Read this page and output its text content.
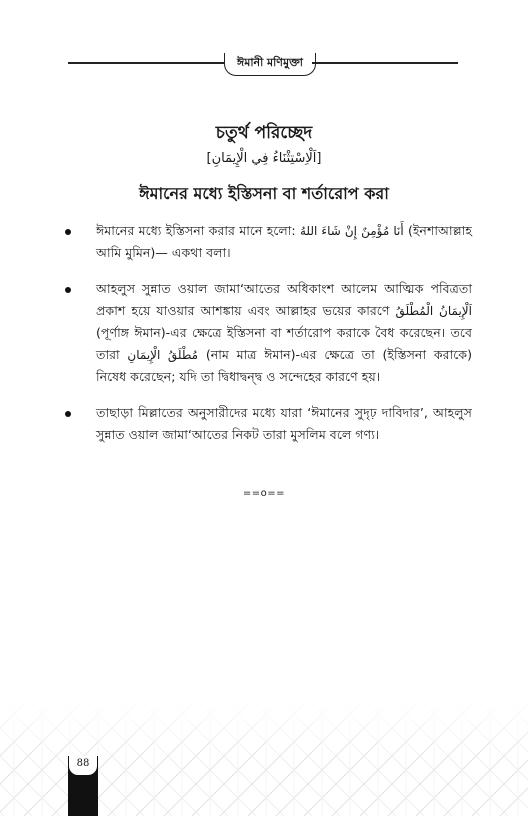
ঈমানী মণিমুক্তা
চতুর্থ পরিচ্ছেদ
[اَلْاِسْتِثْنَاءُ فِي الْإِيمَانِ]
ঈমানের মধ্যে ইস্তিসনা বা শর্তারোপ করা
ঈমানের মধ্যে ইস্তিসনা করার মানে হলো: أَنَا مُؤْمِنٌ إِنْ شَاءَ اللهُ (ইনশাআল্লাহ আমি মুমিন)— একথা বলা।
আহলুস সুন্নাত ওয়াল জামা‘আতের অধিকাংশ আলেম আত্মিক পবিত্রতা প্রকাশ হয়ে যাওয়ার আশঙ্কায় এবং আল্লাহর ভয়ের কারণে اَلْإِيمَانُ الْمُطْلَقُ (পূর্ণাঙ্গ ঈমান)-এর ক্ষেত্রে ইস্তিসনা বা শর্তারোপ করাকে বৈধ করেছেন। তবে তারা مُطْلَقُ الْإِيمَانِ (নাম মাত্র ঈমান)-এর ক্ষেত্রে তা (ইস্তিসনা করাকে) নিষেধ করেছেন; যদি তা দ্বিধাদ্বন্দ্ব ও সন্দেহের কারণে হয়।
তাছাড়া মিল্লাতের অনুসারীদের মধ্যে যারা ‘ঈমানের সুদৃঢ় দাবিদার’, আহলুস সুন্নাত ওয়াল জামা‘আতের নিকট তারা মুসলিম বলে গণ্য।
==o==
88
